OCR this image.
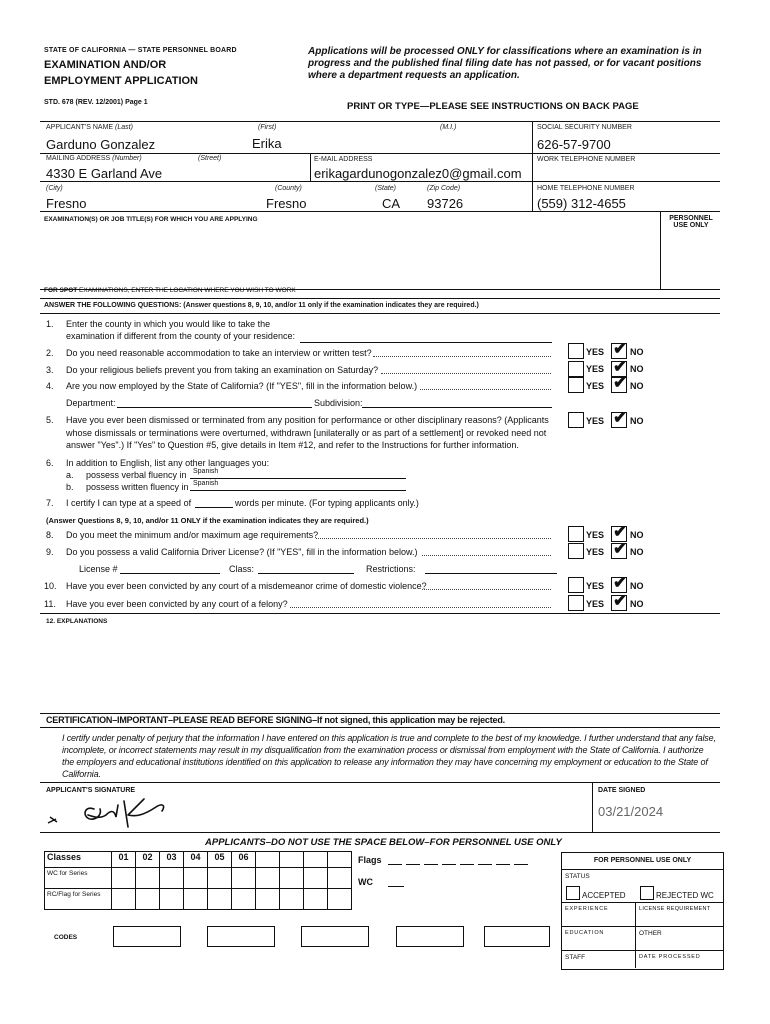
STATE OF CALIFORNIA — STATE PERSONNEL BOARD
EXAMINATION AND/OR
EMPLOYMENT APPLICATION
STD. 678 (REV. 12/2001) Page 1
Applications will be processed ONLY for classifications where an examination is in progress and the published final filing date has not passed, or for vacant positions where a department requests an application.
PRINT OR TYPE—PLEASE SEE INSTRUCTIONS ON BACK PAGE
APPLICANT'S NAME (Last)	(First)	(M.I.)
Garduno Gonzalez	Erika
SOCIAL SECURITY NUMBER
626-57-9700
MAILING ADDRESS (Number)	(Street)
4330 E Garland Ave
E-MAIL ADDRESS
erikagardunogonzalez0@gmail.com
WORK TELEPHONE NUMBER
(City)	(County)	(State)	(Zip Code)
Fresno	Fresno	CA 93726
HOME TELEPHONE NUMBER
(559) 312-4655
EXAMINATION(S) OR JOB TITLE(S) FOR WHICH YOU ARE APPLYING	PERSONNEL
USE ONLY
FOR SPOT EXAMINATIONS, ENTER THE LOCATION WHERE YOU WISH TO WORK
ANSWER THE FOLLOWING QUESTIONS: (Answer questions 8, 9, 10, and/or 11 only if the examination indicates they are required.)
1. Enter the county in which you would like to take the
examination if different from the county of your residence:
2. Do you need reasonable accommodation to take an interview or written test?	YES ✔ NO
3. Do your religious beliefs prevent you from taking an examination on Saturday?	YES ✔ NO
4. Are you now employed by the State of California? (If "YES", fill in the information below.)	YES ✔ NO
Department:	Subdivision:
5. Have you ever been dismissed or terminated from any position for performance or other disciplinary reasons? (Applicants
whose dismissals or terminations were overturned, withdrawn [unilaterally or as part of a settlement] or revoked need not
answer "Yes".) If "Yes" to Question #5, give details in Item #12, and refer to the Instructions for further information.
YES ✔ NO
6. In addition to English, list any other languages you:
a. possess verbal fluency in Spanish
b. possess written fluency in Spanish
7. I certify I can type at a speed of	words per minute. (For typing applicants only.)
(Answer Questions 8, 9, 10, and/or 11 ONLY if the examination indicates they are required.)
8. Do you meet the minimum and/or maximum age requirements?	YES ✔ NO
9. Do you possess a valid California Driver License? (If "YES", fill in the information below.)	YES ✔ NO
License #	Class:	Restrictions:
10. Have you ever been convicted by any court of a misdemeanor crime of domestic violence?	YES ✔ NO
11. Have you ever been convicted by any court of a felony?	YES ✔ NO
12. EXPLANATIONS
CERTIFICATION–IMPORTANT–PLEASE READ BEFORE SIGNING–If not signed, this application may be rejected.
I certify under penalty of perjury that the information I have entered on this application is true and complete to the best of my knowledge. I further understand that any false, incomplete, or incorrect statements may result in my disqualification from the examination process or dismissal from employment with the State of California. I authorize the employers and educational institutions identified on this application to release any information they may have concerning my employment or education to the State of California.
APPLICANT'S SIGNATURE	DATE SIGNED
03/21/2024
APPLICANTS–DO NOT USE THE SPACE BELOW–FOR PERSONNEL USE ONLY
Classes	01	02	03	04	05	06
WC for Series
RC/Flag for Series
Flags
WC
CODES
FOR PERSONNEL USE ONLY
STATUS
ACCEPTED	REJECTED WC
EXPERIENCE	LICENSE REQUIREMENT
EDUCATION	OTHER
STAFF	DATE PROCESSED
